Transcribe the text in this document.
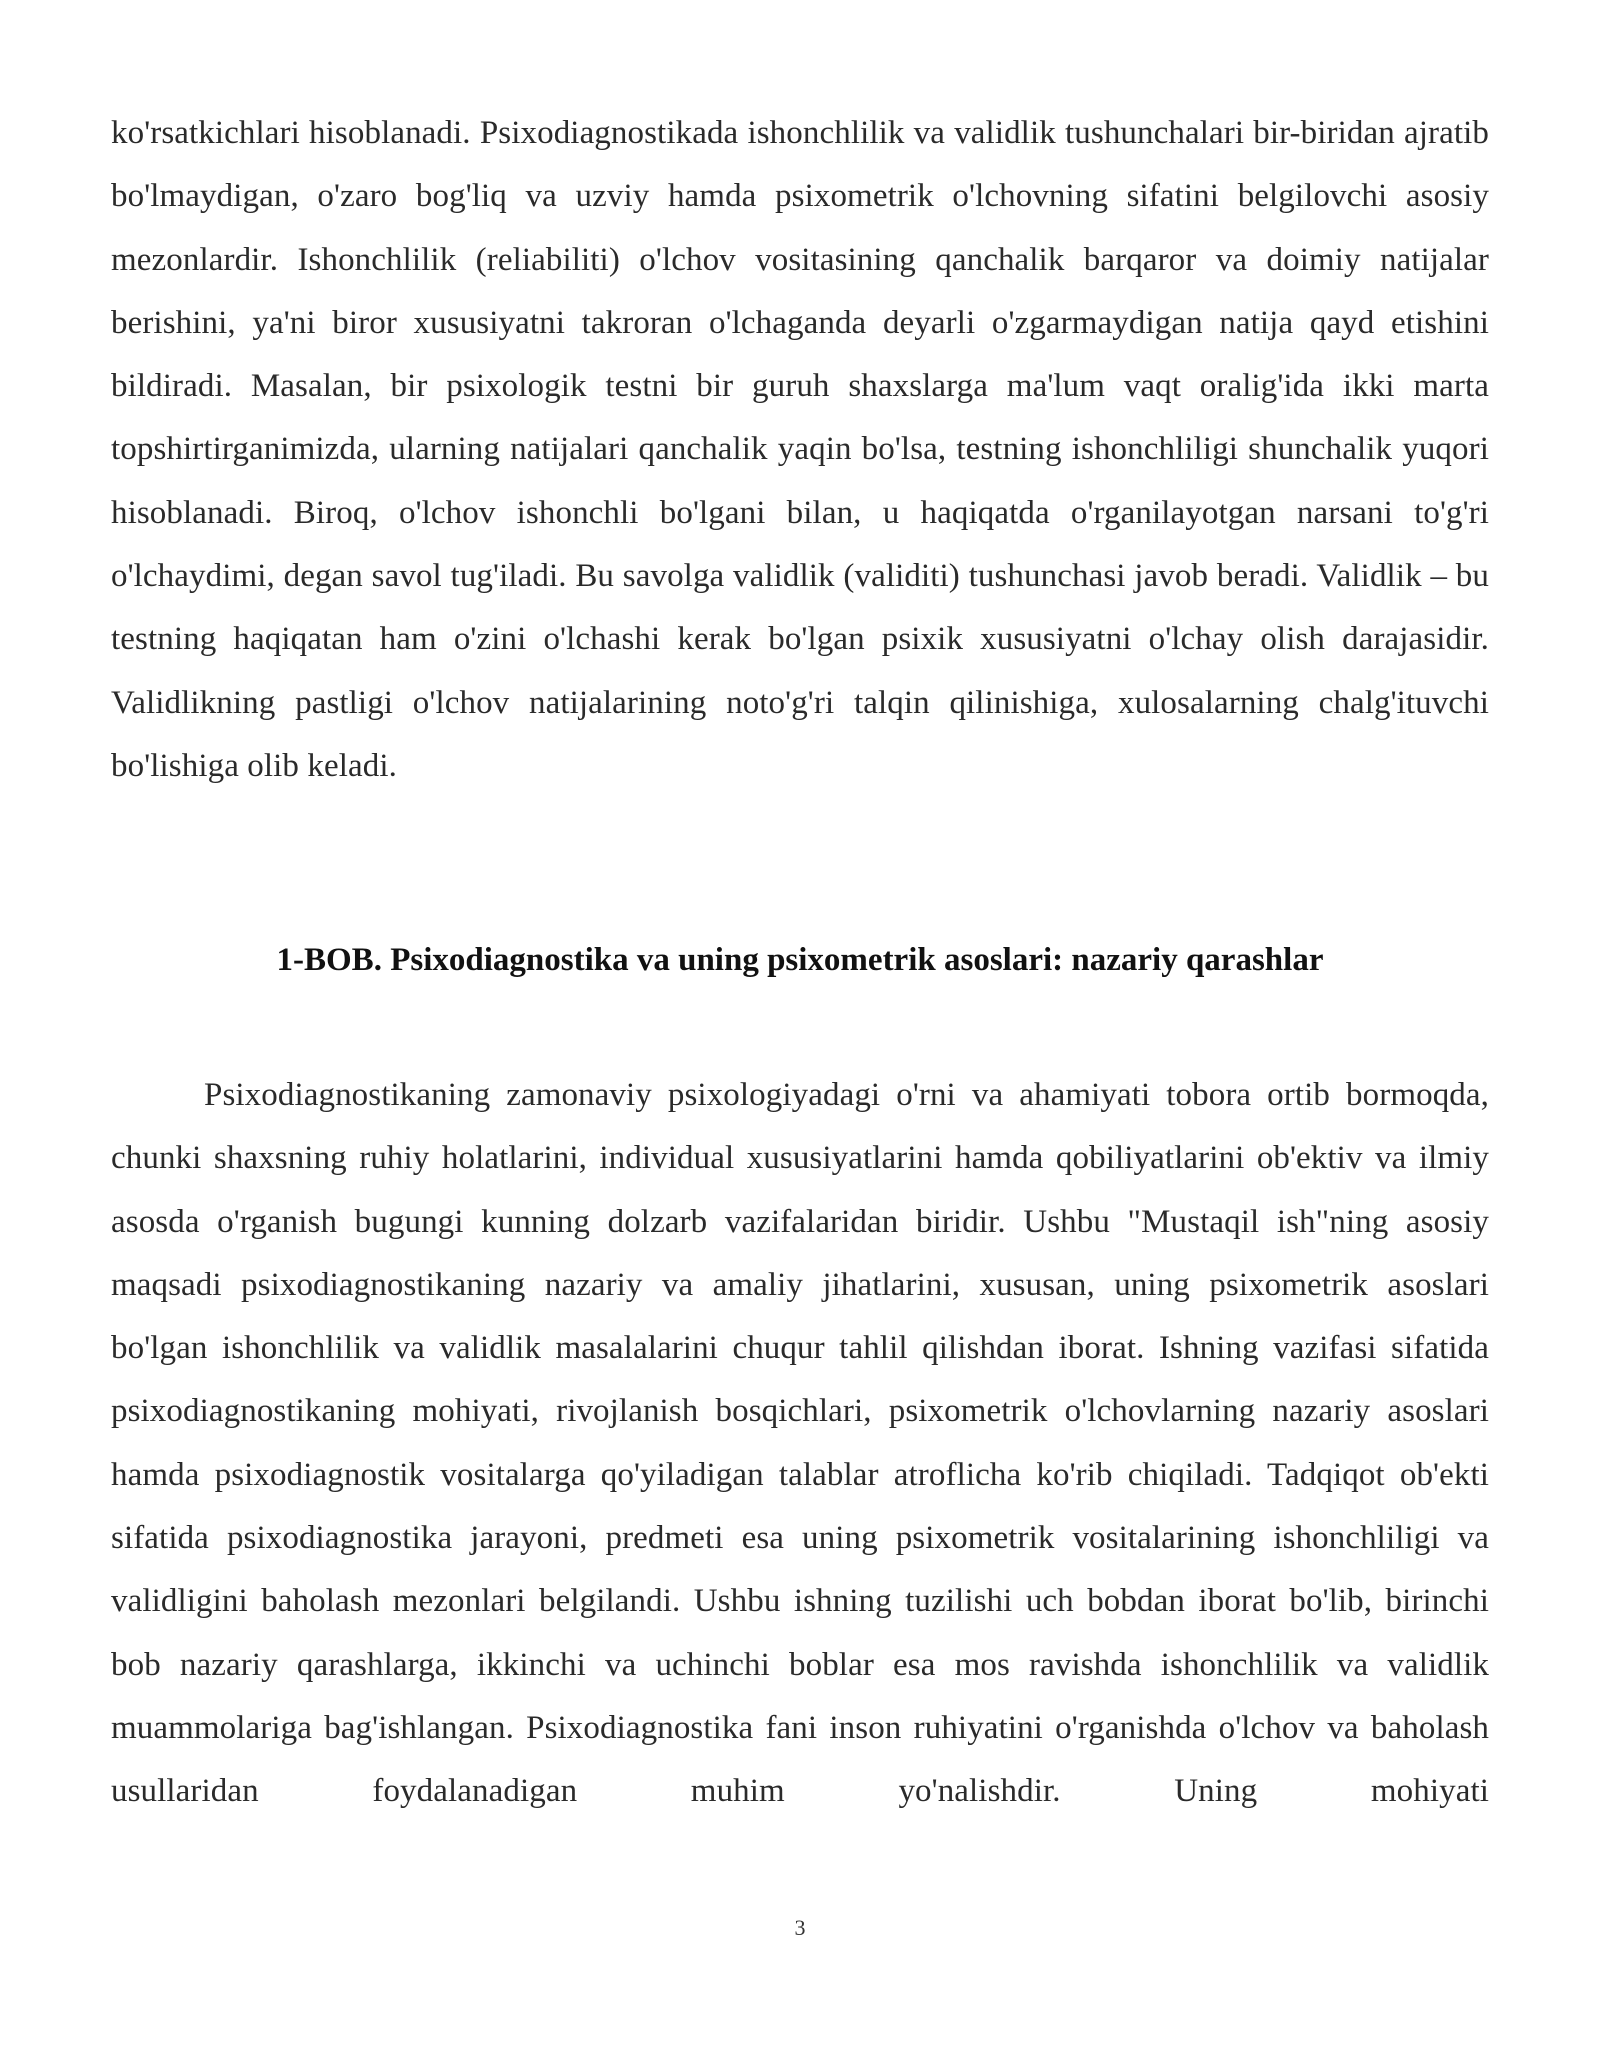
ko'rsatkichlari hisoblanadi. Psixodiagnostikada ishonchlilik va validlik tushunchalari bir-biridan ajratib bo'lmaydigan, o'zaro bog'liq va uzviy hamda psixometrik o'lchovning sifatini belgilovchi asosiy mezonlardir. Ishonchlilik (reliabiliti) o'lchov vositasining qanchalik barqaror va doimiy natijalar berishini, ya'ni biror xususiyatni takroran o'lchaganda deyarli o'zgarmaydigan natija qayd etishini bildiradi. Masalan, bir psixologik testni bir guruh shaxslarga ma'lum vaqt oralig'ida ikki marta topshirtirganimizda, ularning natijalari qanchalik yaqin bo'lsa, testning ishonchliligi shunchalik yuqori hisoblanadi. Biroq, o'lchov ishonchli bo'lgani bilan, u haqiqatda o'rganilayotgan narsani to'g'ri o'lchaydimi, degan savol tug'iladi. Bu savolga validlik (validiti) tushunchasi javob beradi. Validlik – bu testning haqiqatan ham o'zini o'lchashi kerak bo'lgan psixik xususiyatni o'lchay olish darajasidir. Validlikning pastligi o'lchov natijalarining noto'g'ri talqin qilinishiga, xulosalarning chalg'ituvchi bo'lishiga olib keladi.

1-BOB. Psixodiagnostika va uning psixometrik asoslari: nazariy qarashlar

Psixodiagnostikaning zamonaviy psixologiyadagi o'rni va ahamiyati tobora ortib bormoqda, chunki shaxsning ruhiy holatlarini, individual xususiyatlarini hamda qobiliyatlarini ob'ektiv va ilmiy asosda o'rganish bugungi kunning dolzarb vazifalaridan biridir. Ushbu "Mustaqil ish"ning asosiy maqsadi psixodiagnostikaning nazariy va amaliy jihatlarini, xususan, uning psixometrik asoslari bo'lgan ishonchlilik va validlik masalalarini chuqur tahlil qilishdan iborat. Ishning vazifasi sifatida psixodiagnostikaning mohiyati, rivojlanish bosqichlari, psixometrik o'lchovlarning nazariy asoslari hamda psixodiagnostik vositalarga qo'yiladigan talablar atroflicha ko'rib chiqiladi. Tadqiqot ob'ekti sifatida psixodiagnostika jarayoni, predmeti esa uning psixometrik vositalarining ishonchliligi va validligini baholash mezonlari belgilandi. Ushbu ishning tuzilishi uch bobdan iborat bo'lib, birinchi bob nazariy qarashlarga, ikkinchi va uchinchi boblar esa mos ravishda ishonchlilik va validlik muammolariga bag'ishlangan. Psixodiagnostika fani inson ruhiyatini o'rganishda o'lchov va baholash usullaridan foydalanadigan muhim yo'nalishdir. Uning mohiyati

3
